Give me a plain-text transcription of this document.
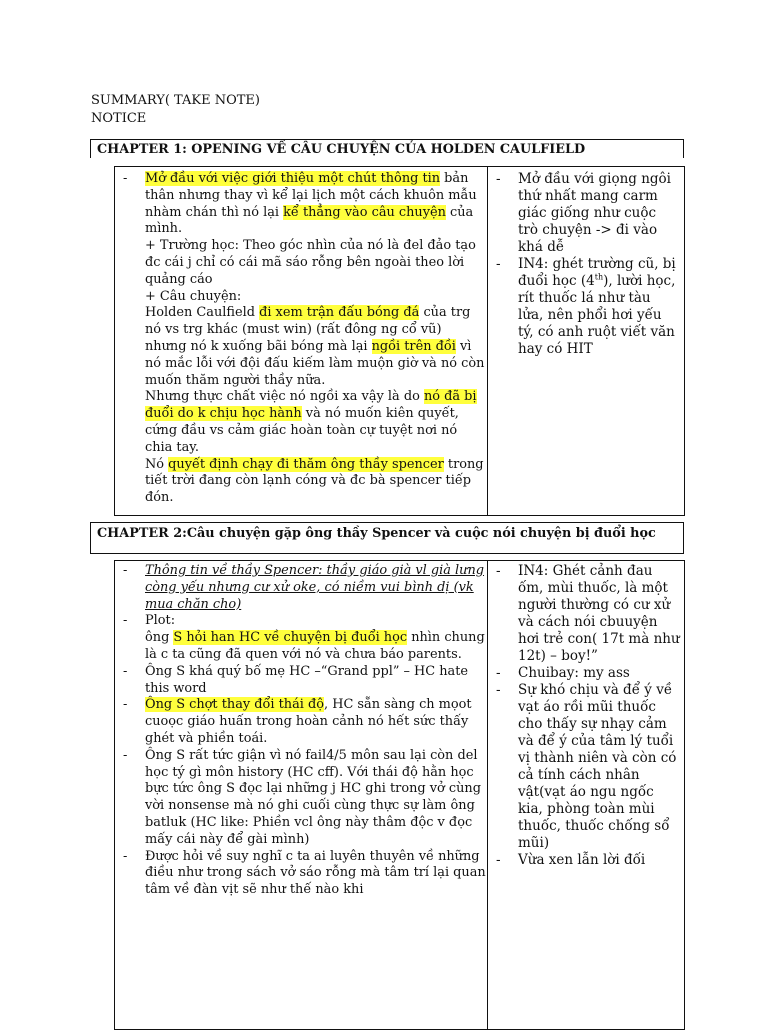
SUMMARY( TAKE NOTE)
NOTICE
CHAPTER 1: OPENING VỀ CÂU CHUYỆN CỦA HOLDEN CAULFIELD
- Mở đầu với việc giới thiệu một chút thông tin bản thân nhưng thay vì kể lại lịch một cách khuôn mẫu nhàm chán thì nó lại kể thẳng vào câu chuyện của mình.
+ Trường học: Theo góc nhìn của nó là đel đảo tạo đc cái j chỉ có cái mã sáo rỗng bên ngoài theo lời quảng cáo
+ Câu chuyện:
Holden Caulfield đi xem trận đấu bóng đá của trg nó vs trg khác (must win) (rất đông ng cổ vũ) nhưng nó k xuống bãi bóng mà lại ngồi trên đồi vì nó mắc lỗi với đội đấu kiếm làm muộn giờ và nó còn muốn thăm người thầy nữa.
Nhưng thực chất việc nó ngồi xa vậy là do nó đã bị đuổi do k chịu học hành và nó muốn kiên quyết, cứng đầu vs cảm giác hoàn toàn cự tuyệt nơi nó chia tay.
Nó quyết định chạy đi thăm ông thầy spencer trong tiết trời đang còn lạnh cóng và đc bà spencer tiếp đón.

- Mở đầu với giọng ngôi thứ nhất mang carm giác giống như cuộc trò chuyện -> đi vào khá dễ
- IN4: ghét trường cũ, bị đuổi học (4th), lười học, rít thuốc lá như tàu lửa, nên phổi hơi yếu tý, có anh ruột viết văn hay có HIT
CHAPTER 2:Câu chuyện gặp ông thầy Spencer và cuộc nói chuyện bị đuổi học
- Thông tin về thầy Spencer: thầy giáo già vl già lưng còng yếu nhưng cư xử oke, có niềm vui bình dị (vk mua chăn cho)
- Plot:
ông S hỏi han HC về chuyện bị đuổi học nhìn chung là c ta cũng đã quen với nó và chưa báo parents.
- Ông S khá quý bố mẹ HC –“Grand ppl” – HC hate this word
- Ông S chợt thay đổi thái độ, HC sẵn sàng ch mọot cuoọc giáo huấn trong hoàn cảnh nó hết sức thấy ghét và phiền toái.
- Ông S rất tức giận vì nó fail4/5 môn sau lại còn del học tý gì môn history (HC cff). Với thái độ hằn học bực tức ông S đọc lại những j HC ghi trong vở cùng vời nonsense mà nó ghi cuối cùng thực sự làm ông batluk (HC like: Phiền vcl ông này thâm độc v đọc mấy cái này để gài mình)
- Được hỏi về suy nghĩ c ta ai luyên thuyên về những điều như trong sách vở sáo rỗng mà tâm trí lại quan tâm về đàn vịt sẽ như thế nào khi

- IN4: Ghét cảnh đau ốm, mùi thuốc, là một người thường có cư xử và cách nói cbuuyện hơi trẻ con( 17t mà như 12t) – boy!”
- Chuibay: my ass
- Sự khó chịu và để ý về vạt áo rồi mũi thuốc cho thấy sự nhạy cảm và để ý của tâm lý tuổi vị thành niên và còn có cả tính cách nhân vật(vạt áo ngu ngốc kia, phòng toàn mùi thuốc, thuốc chống sổ mũi)
- Vừa xen lẫn lời đối
